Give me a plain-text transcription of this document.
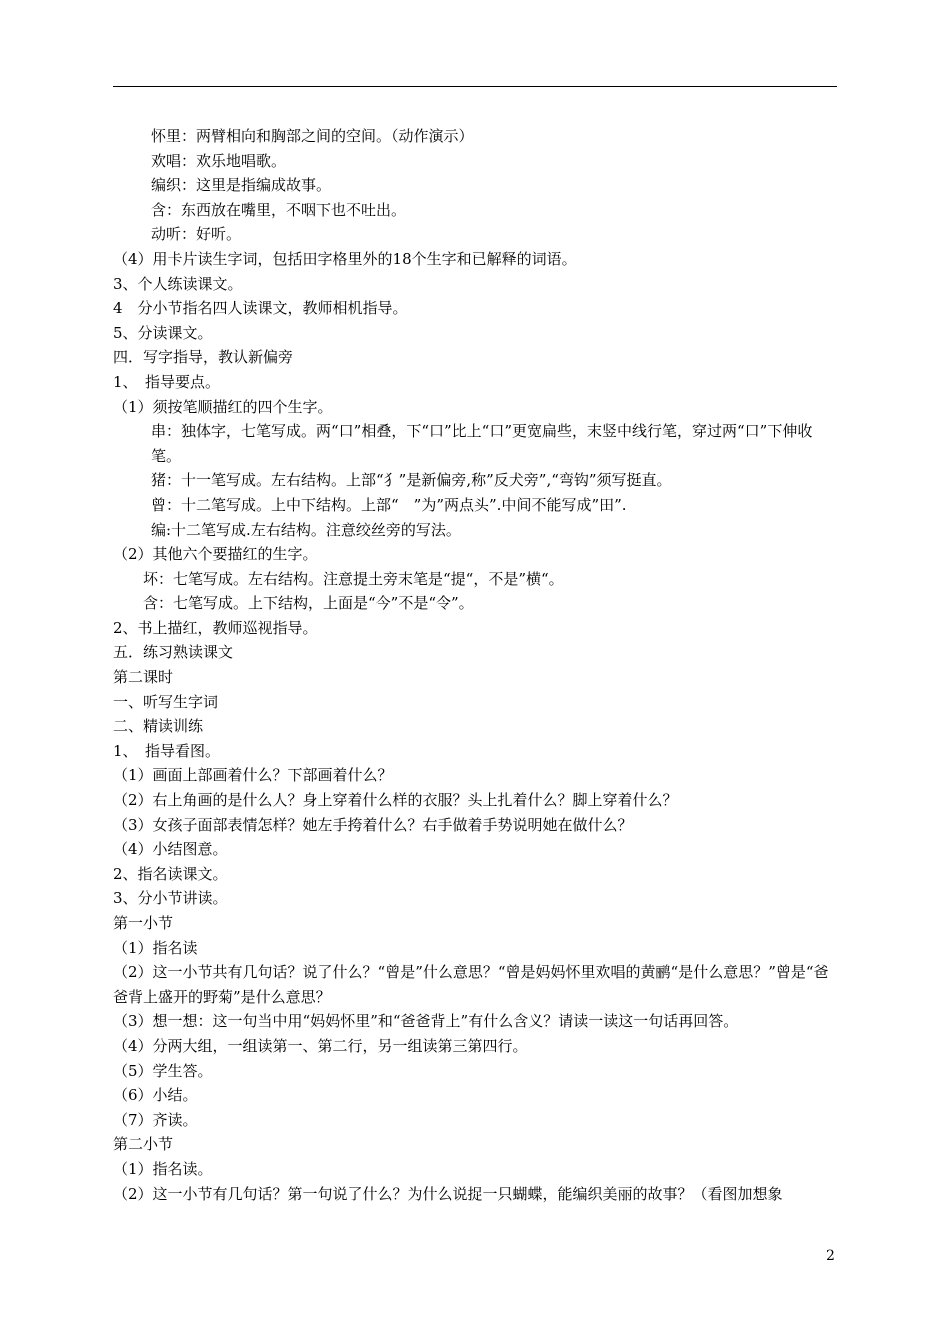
怀里：两臂相向和胸部之间的空间。（动作演示）
欢唱：欢乐地唱歌。
编织：这里是指编成故事。
含：东西放在嘴里，不咽下也不吐出。
动听：好听。
（4）用卡片读生字词，包括田字格里外的18个生字和已解释的词语。
3、个人练读课文。
4　分小节指名四人读课文，教师相机指导。
5、分读课文。
四．写字指导，教认新偏旁
1、　指导要点。
（1）须按笔顺描红的四个生字。
串：独体字，七笔写成。两“口”相叠，下“口”比上“口”更宽扁些，末竖中线行笔，穿过两“口”下伸收笔。
猪：十一笔写成。左右结构。上部“犭”是新偏旁,称”反犬旁”,“弯钩”须写挺直。
曾：十二笔写成。上中下结构。上部“　”为”两点头”.中间不能写成”田”.
编:十二笔写成.左右结构。注意绞丝旁的写法。
（2）其他六个要描红的生字。
坏：七笔写成。左右结构。注意提土旁末笔是“提“，不是”横“。
含：七笔写成。上下结构，上面是“今”不是“令”。
2、书上描红，教师巡视指导。
五．练习熟读课文
第二课时
一、听写生字词
二、精读训练
1、　指导看图。
（1）画面上部画着什么？下部画着什么？
（2）右上角画的是什么人？身上穿着什么样的衣服？头上扎着什么？脚上穿着什么？
（3）女孩子面部表情怎样？她左手挎着什么？右手做着手势说明她在做什么？
（4）小结图意。
2、指名读课文。
3、分小节讲读。
第一小节
（1）指名读
（2）这一小节共有几句话？说了什么？“曾是”什么意思？“曾是妈妈怀里欢唱的黄鹂“是什么意思？”曾是“爸爸背上盛开的野菊”是什么意思？
（3）想一想：这一句当中用“妈妈怀里”和“爸爸背上”有什么含义？请读一读这一句话再回答。
（4）分两大组，一组读第一、第二行，另一组读第三第四行。
（5）学生答。
（6）小结。
（7）齐读。
第二小节
（1）指名读。
（2）这一小节有几句话？第一句说了什么？为什么说捉一只蝴蝶，能编织美丽的故事？（看图加想象
2
